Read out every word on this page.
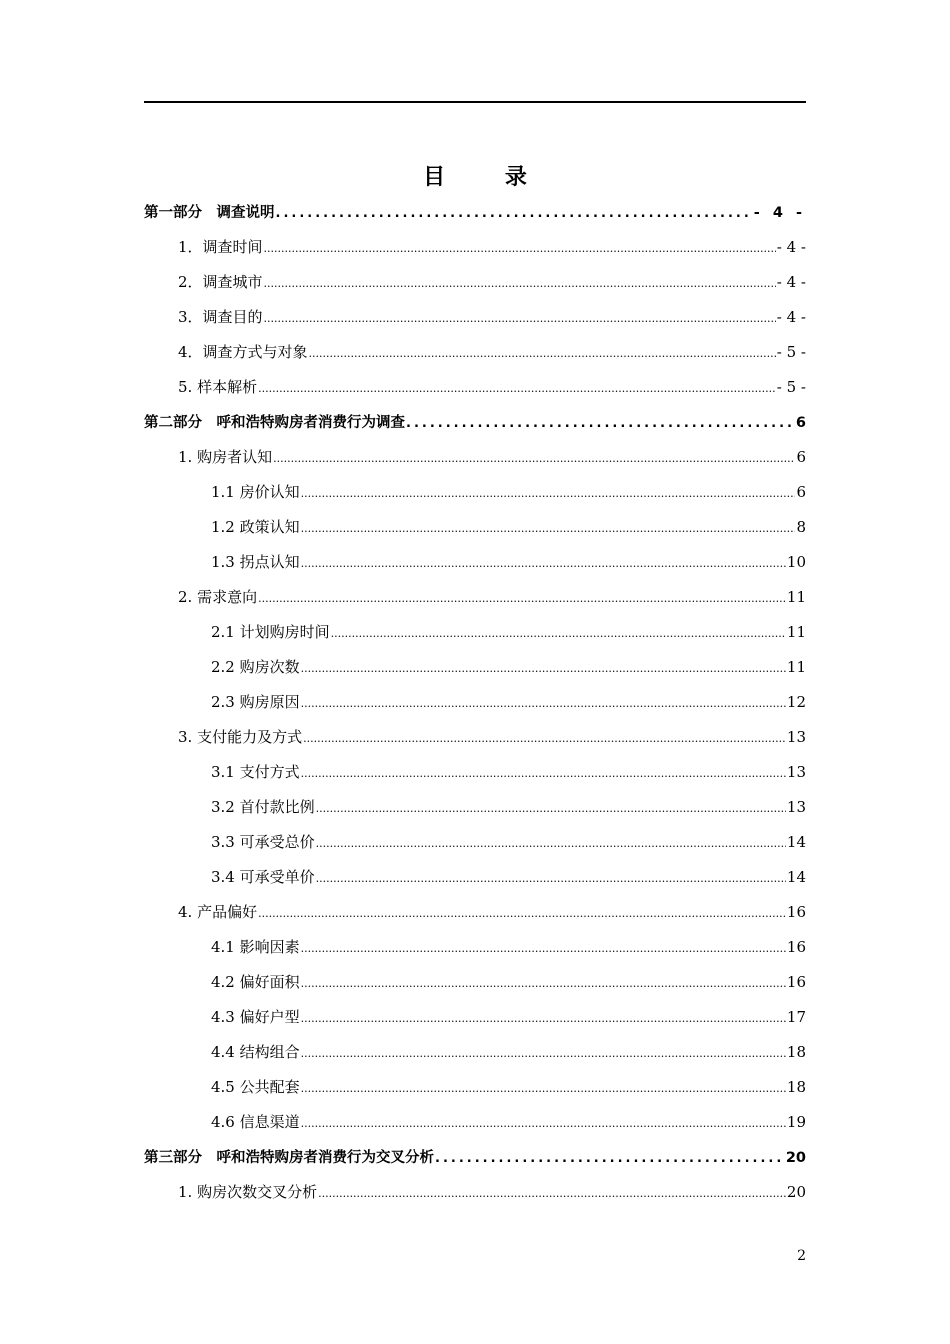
目 录
第一部分　调查说明 .....	- 4 -
1．调查时间 .....	- 4 -
2．调查城市 .....	- 4 -
3．调查目的 .....	- 4 -
4．调查方式与对象 .....	- 5 -
5. 样本解析 .....	- 5 -
第二部分　呼和浩特购房者消费行为调查 .....	6
1. 购房者认知 .....	6
1.1 房价认知 .....	6
1.2 政策认知 .....	8
1.3 拐点认知 .....	10
2. 需求意向 .....	11
2.1 计划购房时间 .....	11
2.2 购房次数 .....	11
2.3 购房原因 .....	12
3. 支付能力及方式 .....	13
3.1 支付方式 .....	13
3.2 首付款比例 .....	13
3.3 可承受总价 .....	14
3.4 可承受单价 .....	14
4. 产品偏好 .....	16
4.1 影响因素 .....	16
4.2 偏好面积 .....	16
4.3 偏好户型 .....	17
4.4 结构组合 .....	18
4.5 公共配套 .....	18
4.6 信息渠道 .....	19
第三部分　呼和浩特购房者消费行为交叉分析 .....	20
1. 购房次数交叉分析 .....	20
2
